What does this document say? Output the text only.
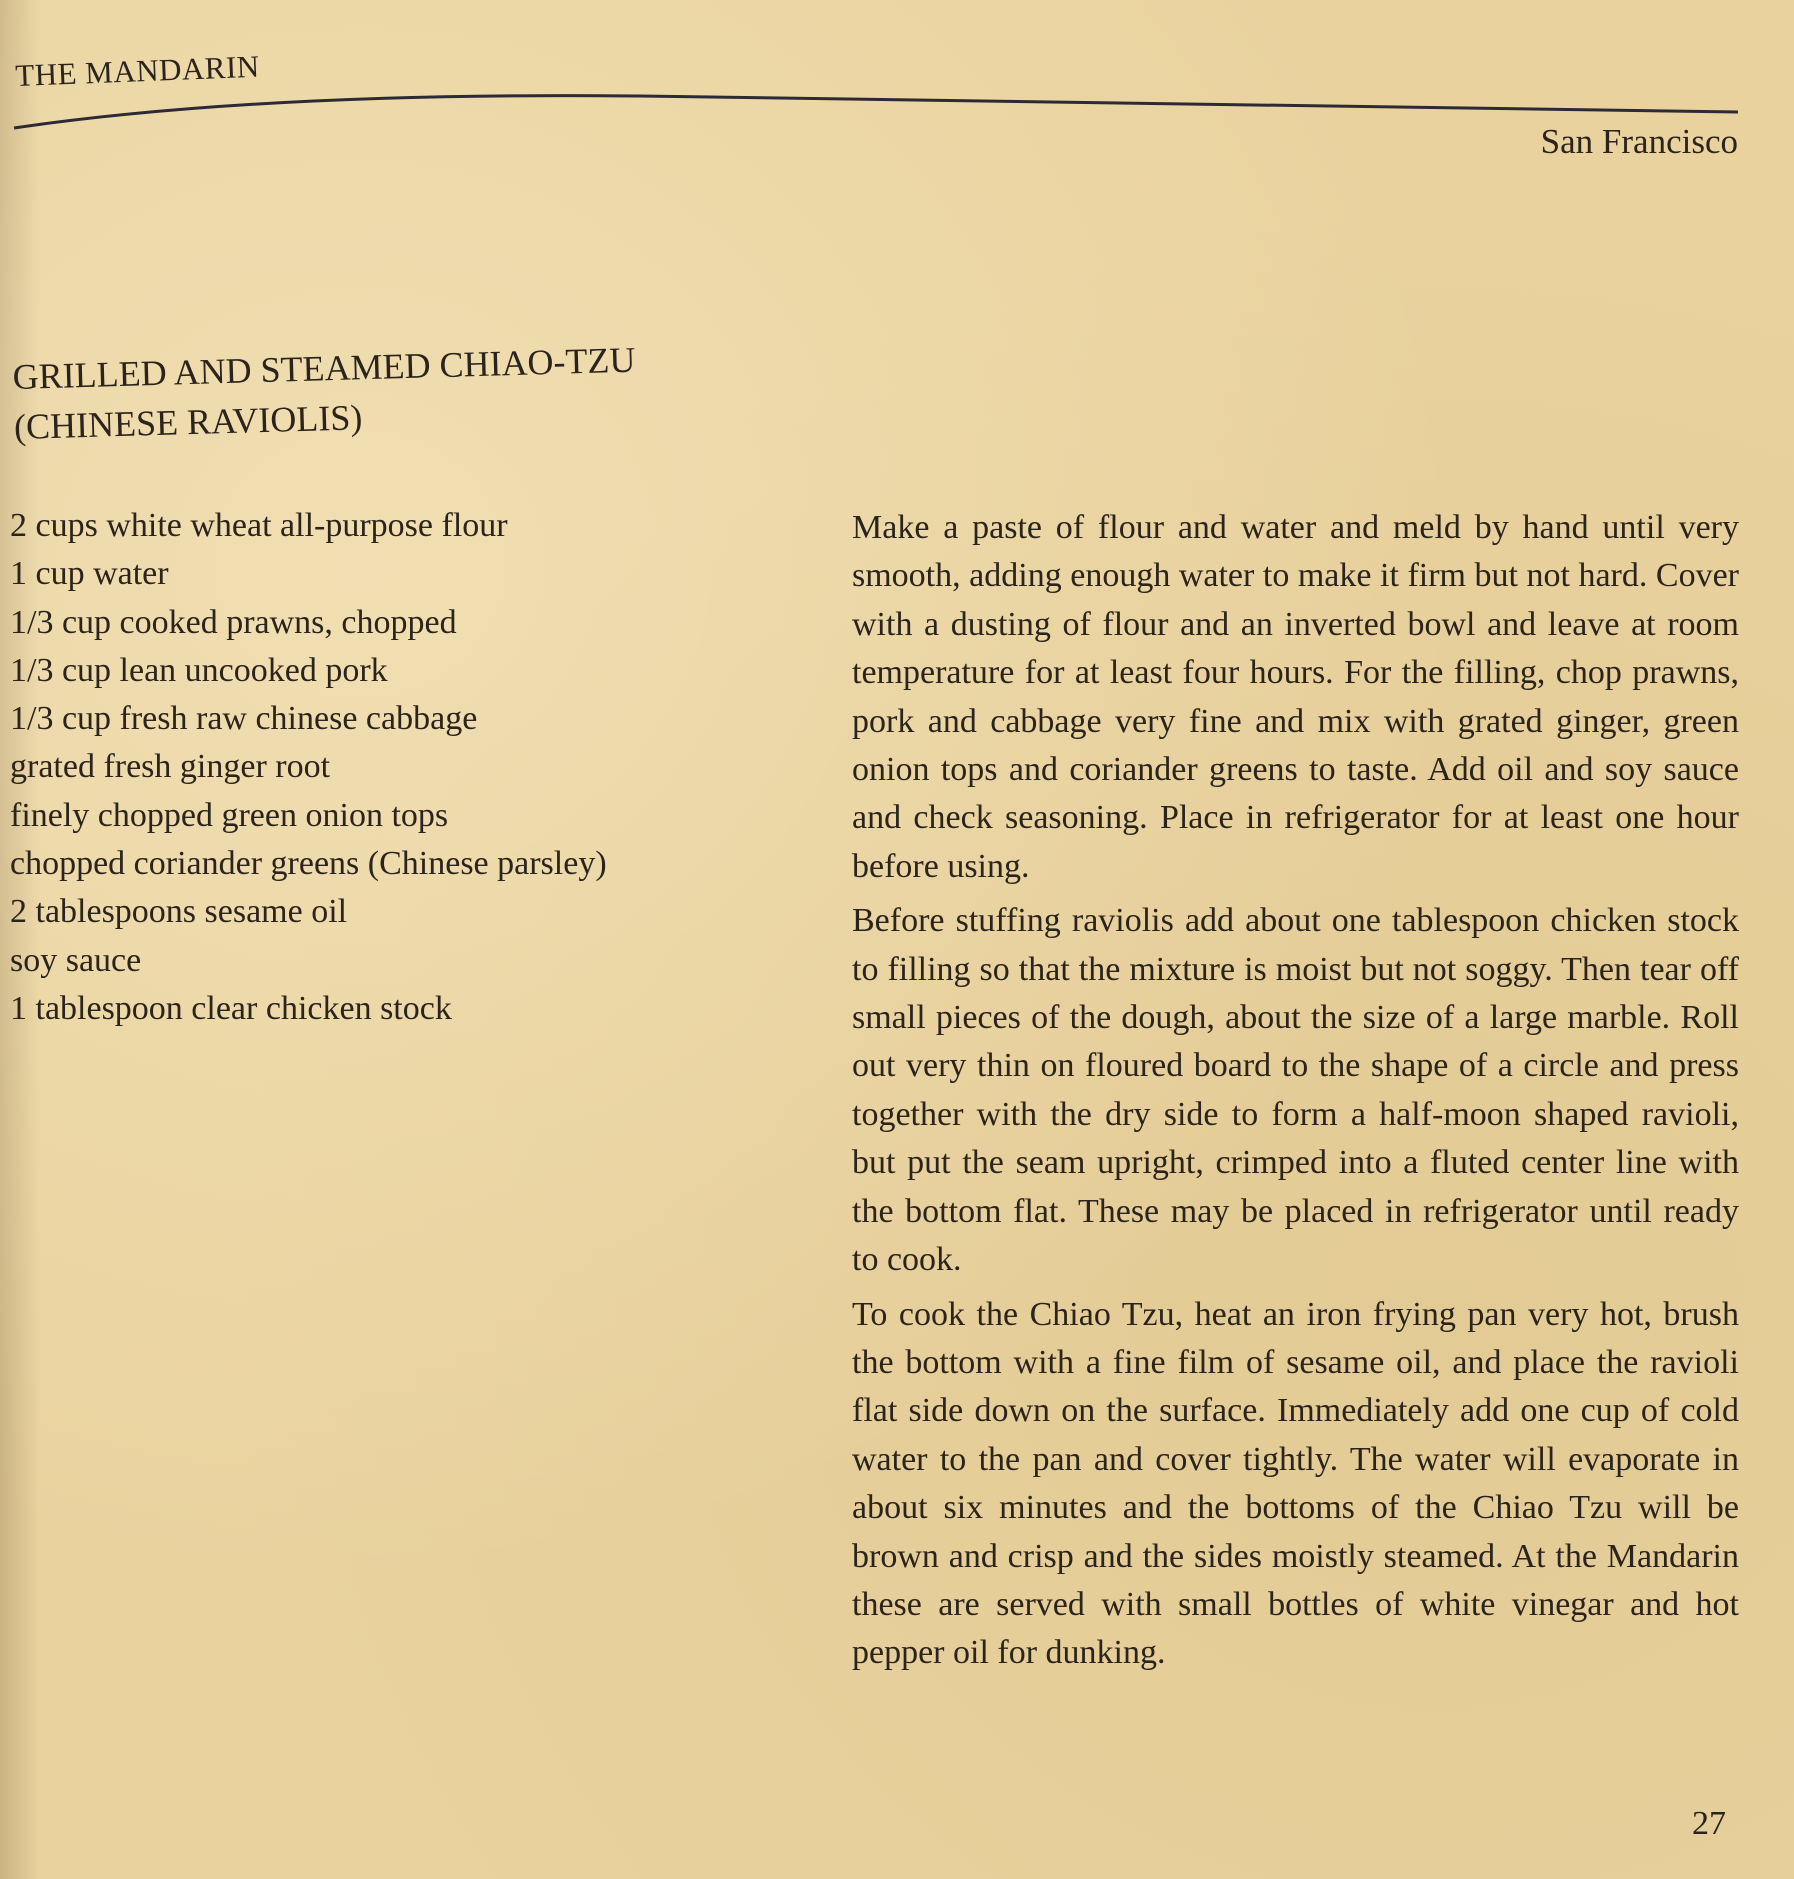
THE MANDARIN
San Francisco
GRILLED AND STEAMED CHIAO-TZU
(CHINESE RAVIOLIS)
2 cups white wheat all-purpose flour
1 cup water
1/3 cup cooked prawns, chopped
1/3 cup lean uncooked pork
1/3 cup fresh raw chinese cabbage
grated fresh ginger root
finely chopped green onion tops
chopped coriander greens (Chinese parsley)
2 tablespoons sesame oil
soy sauce
1 tablespoon clear chicken stock

Make a paste of flour and water and meld by hand until very smooth, adding enough water to make it firm but not hard. Cover with a dusting of flour and an inverted bowl and leave at room temperature for at least four hours. For the filling, chop prawns, pork and cabbage very fine and mix with grated ginger, green onion tops and coriander greens to taste. Add oil and soy sauce and check seasoning. Place in refrigerator for at least one hour before using.

Before stuffing raviolis add about one tablespoon chicken stock to filling so that the mixture is moist but not soggy. Then tear off small pieces of the dough, about the size of a large marble. Roll out very thin on floured board to the shape of a circle and press together with the dry side to form a half-moon shaped ravioli, but put the seam upright, crimped into a fluted center line with the bottom flat. These may be placed in refrigerator until ready to cook.

To cook the Chiao Tzu, heat an iron frying pan very hot, brush the bottom with a fine film of sesame oil, and place the ravioli flat side down on the surface. Immediately add one cup of cold water to the pan and cover tightly. The water will evaporate in about six minutes and the bottoms of the Chiao Tzu will be brown and crisp and the sides moistly steamed. At the Mandarin these are served with small bottles of white vinegar and hot pepper oil for dunking.

27
